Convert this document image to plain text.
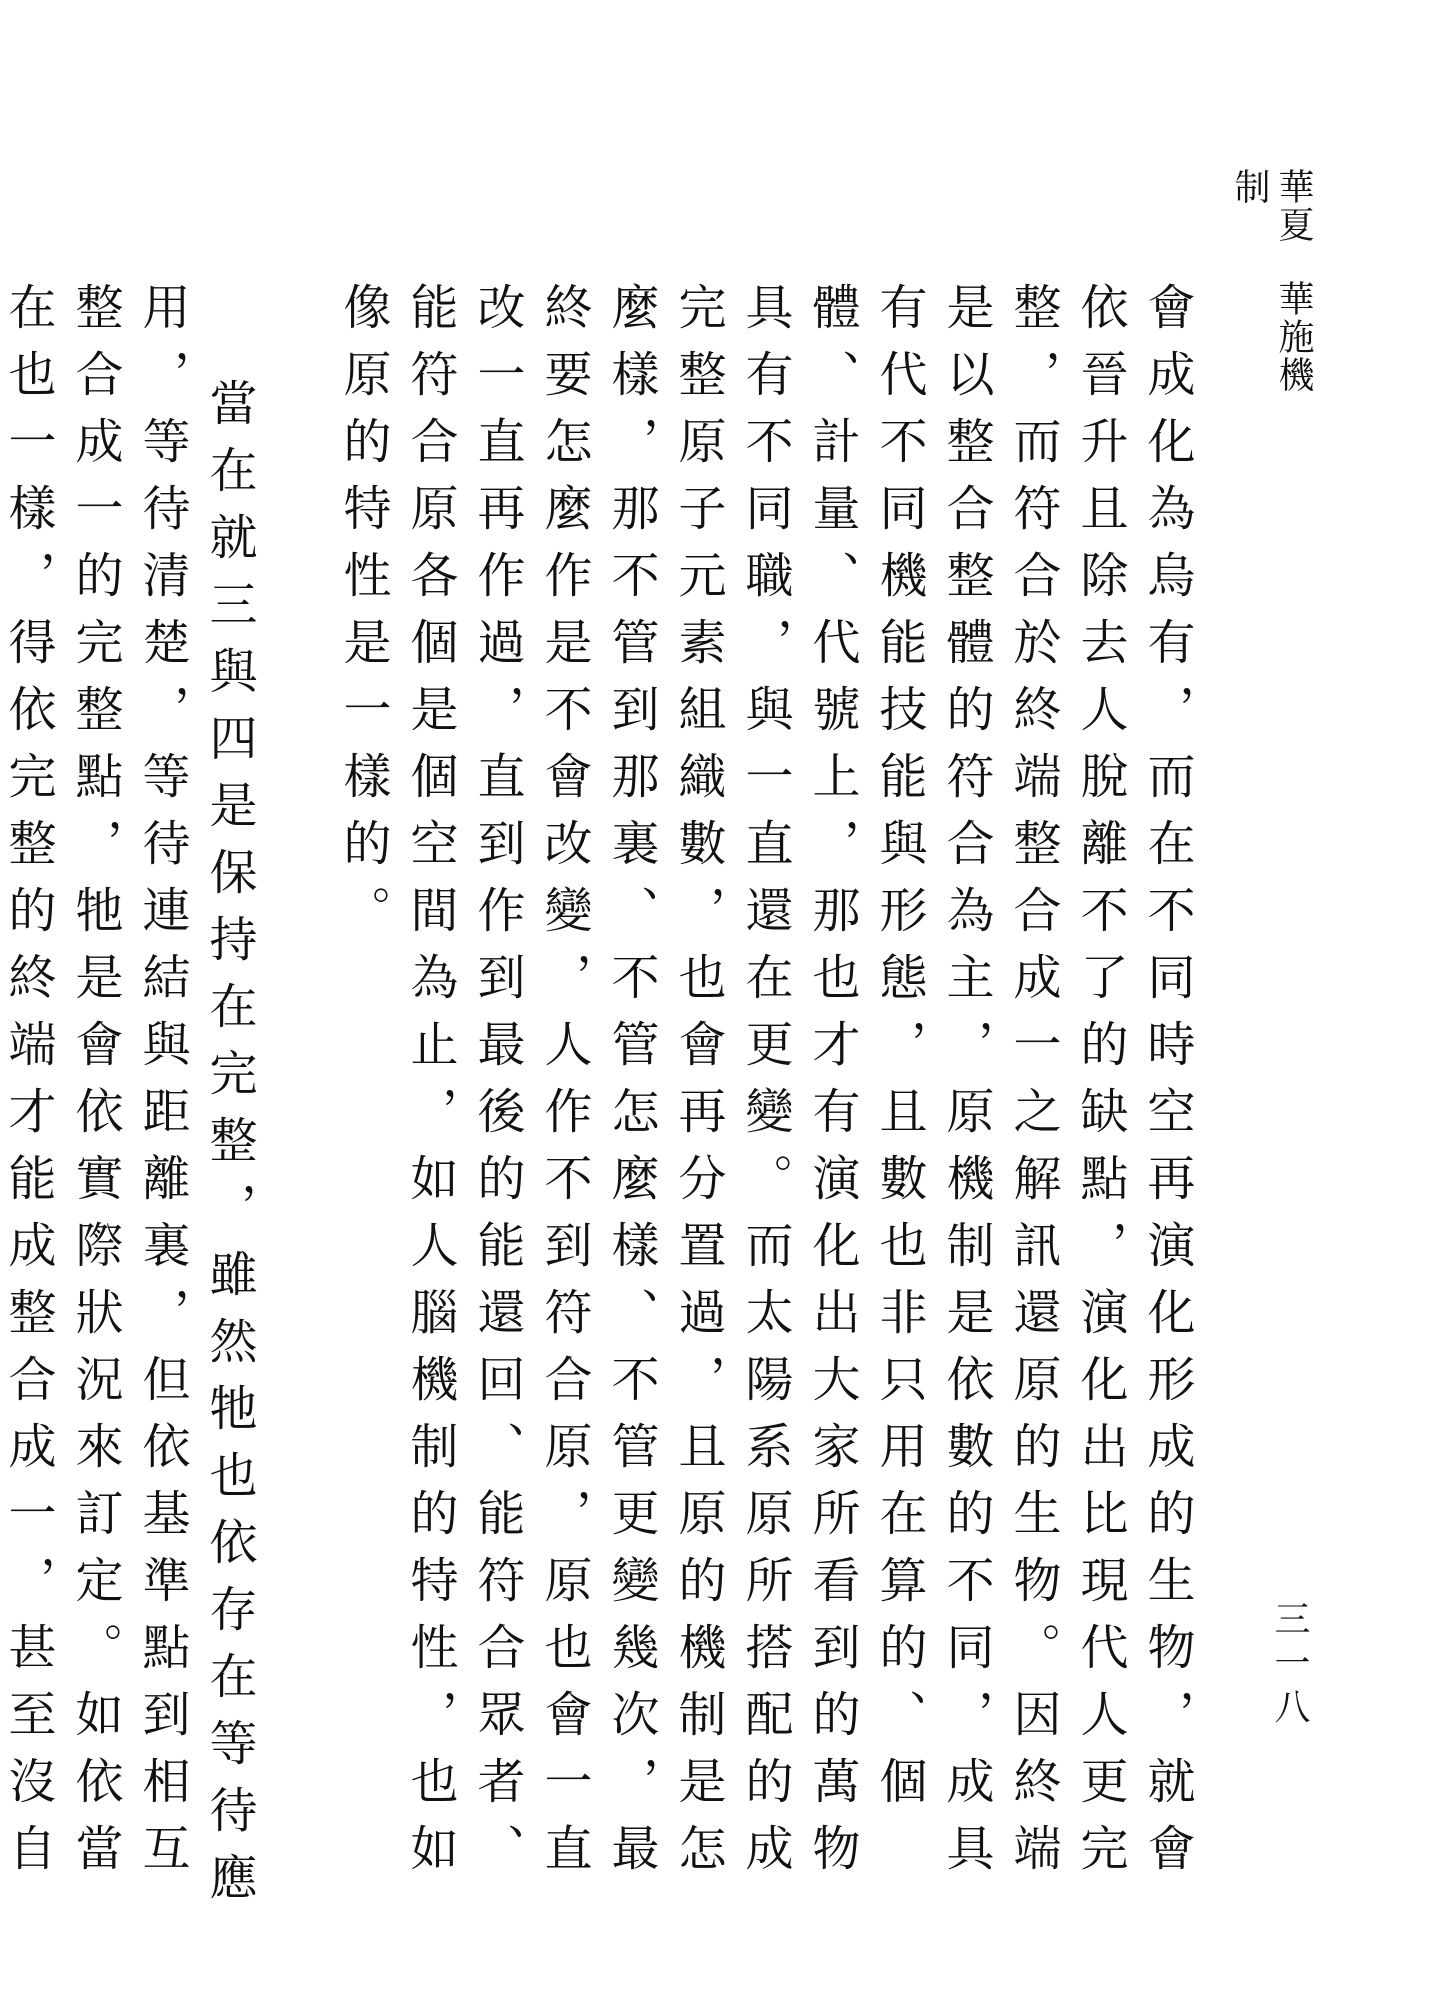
華夏華施機制
三一八

會成化為烏有，而在不同時空再演化形成的生物，就會依晉升且除去人脫離不了的缺點，演化出比現代人更完整，而符合於終端整合成一之解訊還原的生物。因終端是以整合整體的符合為主，原機制是依數的不同，成具有代不同機能技能與形態，且數也非只用在算的、個體、計量、代號上，那也才有演化出大家所看到的萬物具有不同職，與一直還在更變。而太陽系原所搭配的成完整原子元素組織數，也會再分置過，且原的機制是怎麼樣，那不管到那裏、不管怎麼樣、不管更變幾次，最終要怎麼作是不會改變，人作不到符合原，原也會一直改一直再作過，直到作到最後的能還回、能符合眾者、能符合原各個是個空間為止，如人腦機制的特性，也如像原的特性是一樣的。

當在就三與四是保持在完整，雖然牠也依存在等待應用，等待清楚，等待連結與距離裏，但依基準點到相互整合成一的完整點，牠是會依實際狀況來訂定。如依當在也一樣，得依完整的終端才能成整合成一，甚至沒自
